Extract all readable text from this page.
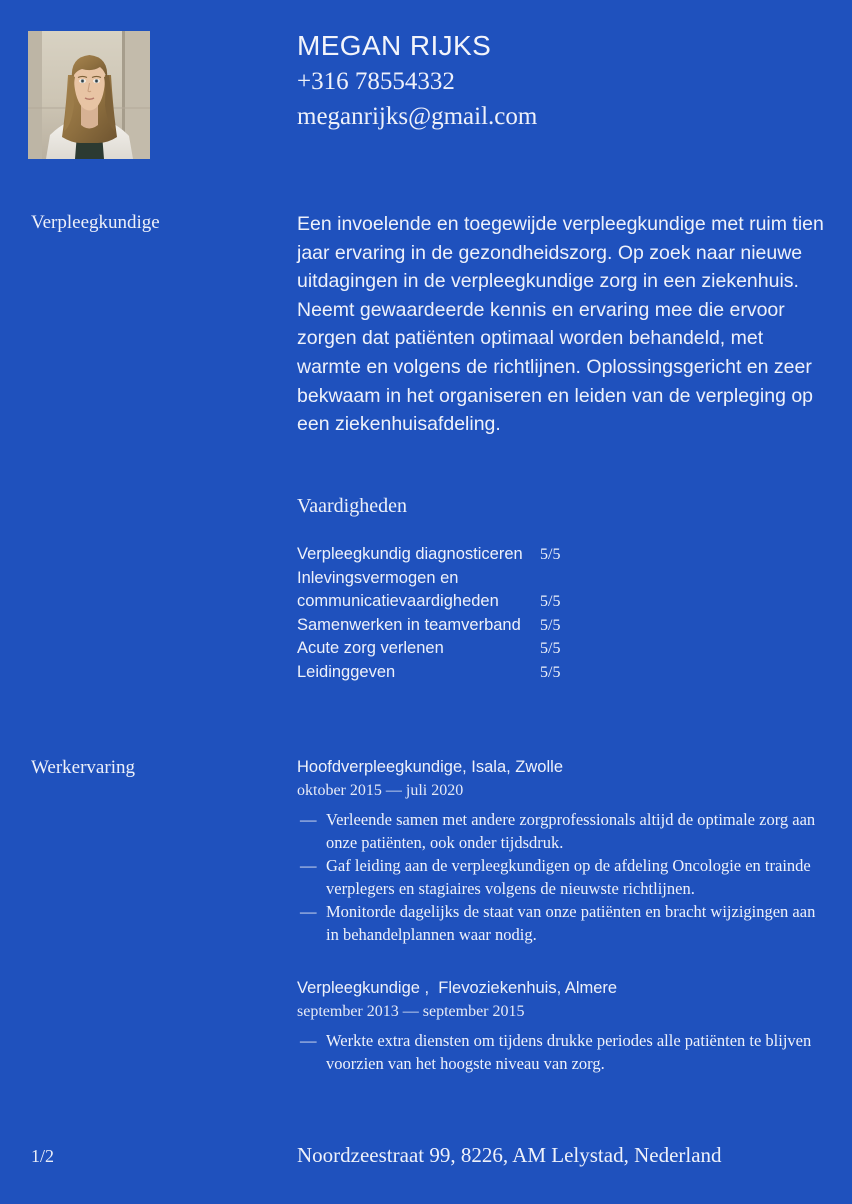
MEGAN RIJKS
+316 78554332
meganrijks@gmail.com
Verpleegkundige	Een invoelende en toegewijde verpleegkundige met ruim tien jaar ervaring in de gezondheidszorg. Op zoek naar nieuwe uitdagingen in de verpleegkundige zorg in een ziekenhuis. Neemt gewaardeerde kennis en ervaring mee die ervoor zorgen dat patiënten optimaal worden behandeld, met warmte en volgens de richtlijnen. Oplossingsgericht en zeer bekwaam in het organiseren en leiden van de verpleging op een ziekenhuisafdeling.

Vaardigheden
Verpleegkundig diagnosticeren	5/5
Inlevingsvermogen en communicatievaardigheden	5/5
Samenwerken in teamverband	5/5
Acute zorg verlenen	5/5
Leidinggeven	5/5
Werkervaring	Hoofdverpleegkundige, Isala, Zwolle
oktober 2015 — juli 2020
— Verleende samen met andere zorgprofessionals altijd de optimale zorg aan onze patiënten, ook onder tijdsdruk.
— Gaf leiding aan de verpleegkundigen op de afdeling Oncologie en trainde verplegers en stagiaires volgens de nieuwste richtlijnen.
— Monitorde dagelijks de staat van onze patiënten en bracht wijzigingen aan in behandelplannen waar nodig.
Verpleegkundige ,  Flevoziekenhuis, Almere
september 2013 — september 2015
— Werkte extra diensten om tijdens drukke periodes alle patiënten te blijven voorzien van het hoogste niveau van zorg.
1/2	Noordzeestraat 99, 8226, AM Lelystad, Nederland
